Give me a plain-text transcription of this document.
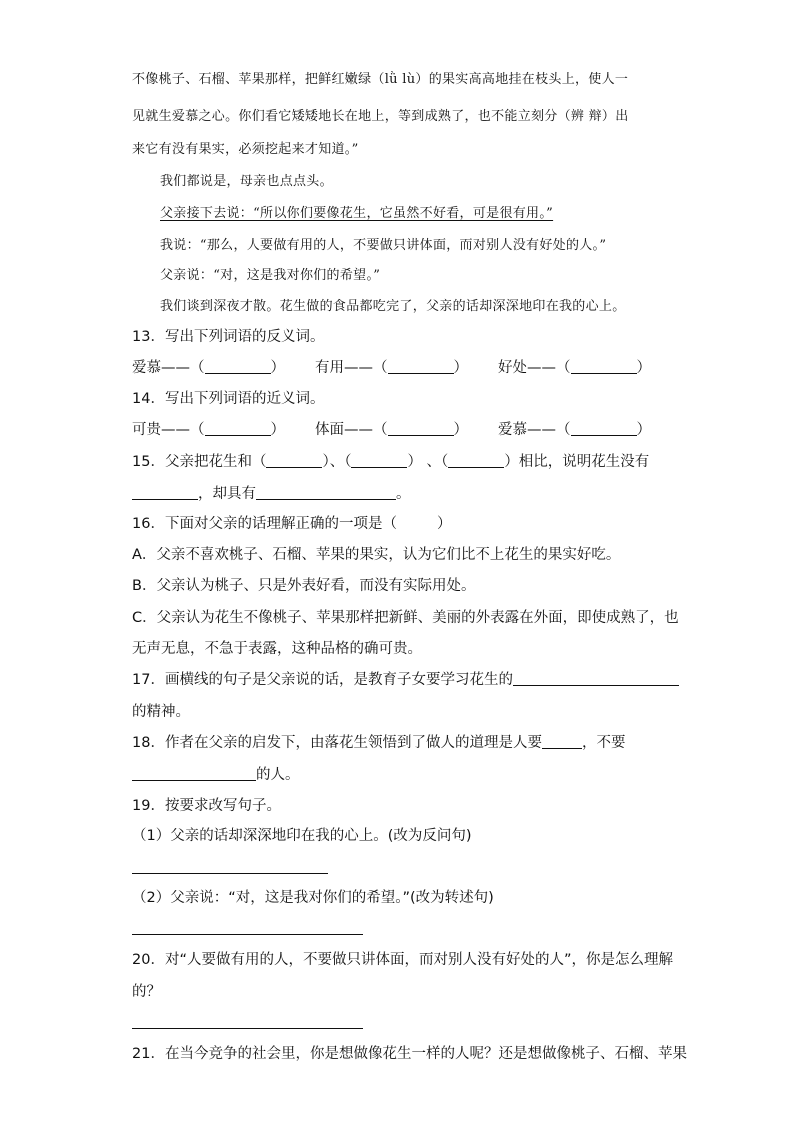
不像桃子、石榴、苹果那样，把鲜红嫩绿（lǜ lù）的果实高高地挂在枝头上，使人一
见就生爱慕之心。你们看它矮矮地长在地上，等到成熟了，也不能立刻分（辨 辩）出
来它有没有果实，必须挖起来才知道。”
我们都说是，母亲也点点头。
父亲接下去说：“所以你们要像花生，它虽然不好看，可是很有用。”
我说：“那么，人要做有用的人，不要做只讲体面，而对别人没有好处的人。”
父亲说：“对，这是我对你们的希望。”
我们谈到深夜才散。花生做的食品都吃完了，父亲的话却深深地印在我的心上。
13．写出下列词语的反义词。
爱慕——（	） 有用——（	） 好处——（	）
14．写出下列词语的近义词。
可贵——（	） 体面——（	） 爱慕——（	）
15．父亲把花生和（	）、（	） 、（	）相比，说明花生没有
，却具有	。
16．下面对父亲的话理解正确的一项是（	）
A．父亲不喜欢桃子、石榴、苹果的果实，认为它们比不上花生的果实好吃。
B．父亲认为桃子、只是外表好看，而没有实际用处。
C．父亲认为花生不像桃子、苹果那样把新鲜、美丽的外表露在外面，即使成熟了，也
无声无息，不急于表露，这种品格的确可贵。
17．画横线的句子是父亲说的话，是教育子女要学习花生的
的精神。
18．作者在父亲的启发下，由落花生领悟到了做人的道理是人要	，不要
的人。
19．按要求改写句子。
（1）父亲的话却深深地印在我的心上。(改为反问句)
（2）父亲说：“对，这是我对你们的希望。”(改为转述句)
20．对“人要做有用的人，不要做只讲体面，而对别人没有好处的人”，你是怎么理解
的？
21．在当今竞争的社会里，你是想做像花生一样的人呢？还是想做像桃子、石榴、苹果
